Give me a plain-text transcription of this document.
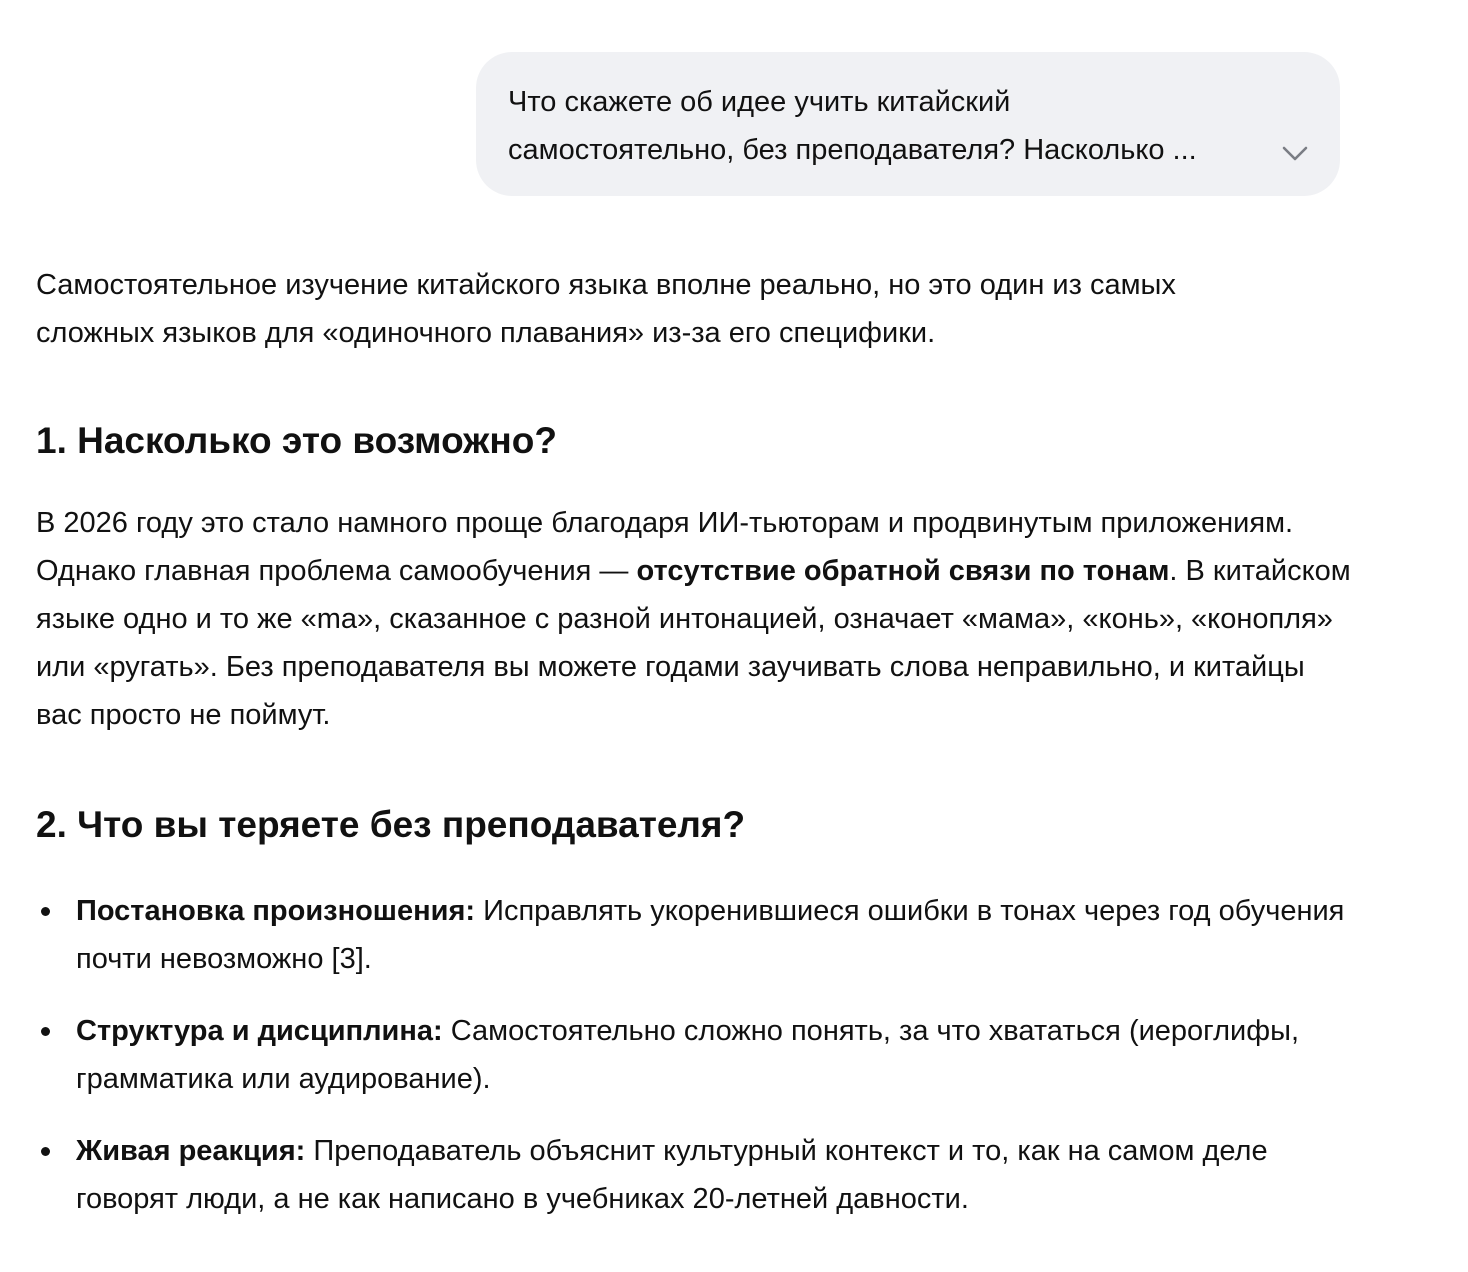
Что скажете об идее учить китайский
самостоятельно, без преподавателя? Насколько ...

Самостоятельное изучение китайского языка вполне реально, но это один из самых
сложных языков для «одиночного плавания» из-за его специфики.

1. Насколько это возможно?

В 2026 году это стало намного проще благодаря ИИ-тьюторам и продвинутым приложениям. Однако главная проблема самообучения — отсутствие обратной связи по тонам. В китайском языке одно и то же «ma», сказанное с разной интонацией, означает «мама», «конь», «конопля» или «ругать». Без преподавателя вы можете годами заучивать слова неправильно, и китайцы вас просто не поймут.

2. Что вы теряете без преподавателя?
Постановка произношения: Исправлять укоренившиеся ошибки в тонах через год обучения почти невозможно [3].
Структура и дисциплина: Самостоятельно сложно понять, за что хвататься (иероглифы, грамматика или аудирование).
Живая реакция: Преподаватель объяснит культурный контекст и то, как на самом деле говорят люди, а не как написано в учебниках 20-летней давности.
